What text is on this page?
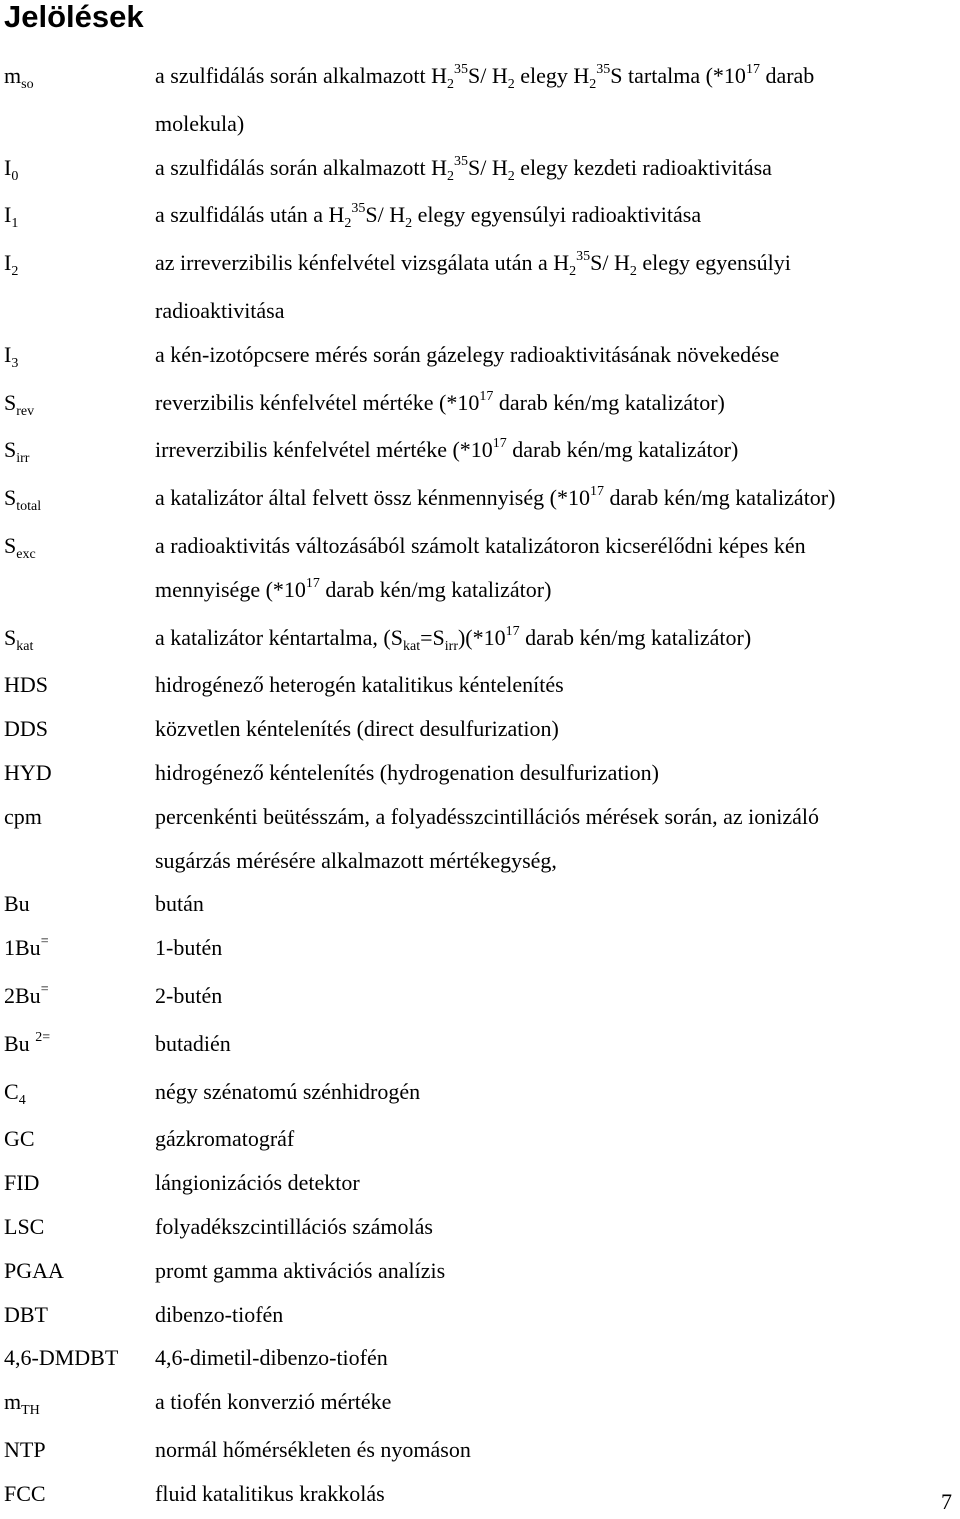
Jelölések
$m_{so}$	a szulfidálás során alkalmazott $H_2^{35}S/$ $H_2$ elegy $H_2^{35}S$ tartalma ($*10^{17}$ darab
molekula)
$I_0$	a szulfidálás során alkalmazott $H_2^{35}S/$ $H_2$ elegy kezdeti radioaktivitása
$I_1$	a szulfidálás után a $H_2^{35}S/$ $H_2$ elegy egyensúlyi radioaktivitása
$I_2$	az irreverzibilis kénfelvétel vizsgálata után a $H_2^{35}S/$ $H_2$ elegy egyensúlyi
radioaktivitása
$I_3$	a kén-izotópcsere mérés során gázelegy radioaktivitásának növekedése
$S_{rev}$	reverzibilis kénfelvétel mértéke ($*10^{17}$ darab kén/mg katalizátor)
$S_{irr}$	irreverzibilis kénfelvétel mértéke ($*10^{17}$ darab kén/mg katalizátor)
$S_{total}$	a katalizátor által felvett össz kénmennyiség ($*10^{17}$ darab kén/mg katalizátor)
$S_{exc}$	a radioaktivitás változásából számolt katalizátoron kicserélődni képes kén
mennyisége ($*10^{17}$ darab kén/mg katalizátor)
$S_{kat}$	a katalizátor kéntartalma, $(S_{kat}=S_{irr})(*10^{17}$ darab kén/mg katalizátor)
HDS	hidrogénező heterogén katalitikus kéntelenítés
DDS	közvetlen kéntelenítés (direct desulfurization)
HYD	hidrogénező kéntelenítés (hydrogenation desulfurization)
cpm	percenkénti beütésszám, a folyadésszcintillációs mérések során, az ionizáló
sugárzás mérésére alkalmazott mértékegység,
Bu	bután
1Bu=	1-butén
2Bu=	2-butén
Bu $^{2=}$	butadién
$C_4$	négy szénatomú szénhidrogén
GC	gázkromatográf
FID	lángionizációs detektor
LSC	folyadékszcintillációs számolás
PGAA	promt gamma aktivációs analízis
DBT	dibenzo-tiofén
4,6-DMDBT	4,6-dimetil-dibenzo-tiofén
$m_{TH}$	a tiofén konverzió mértéke
NTP	normál hőmérsékleten és nyomáson
FCC	fluid katalitikus krakkolás	7
